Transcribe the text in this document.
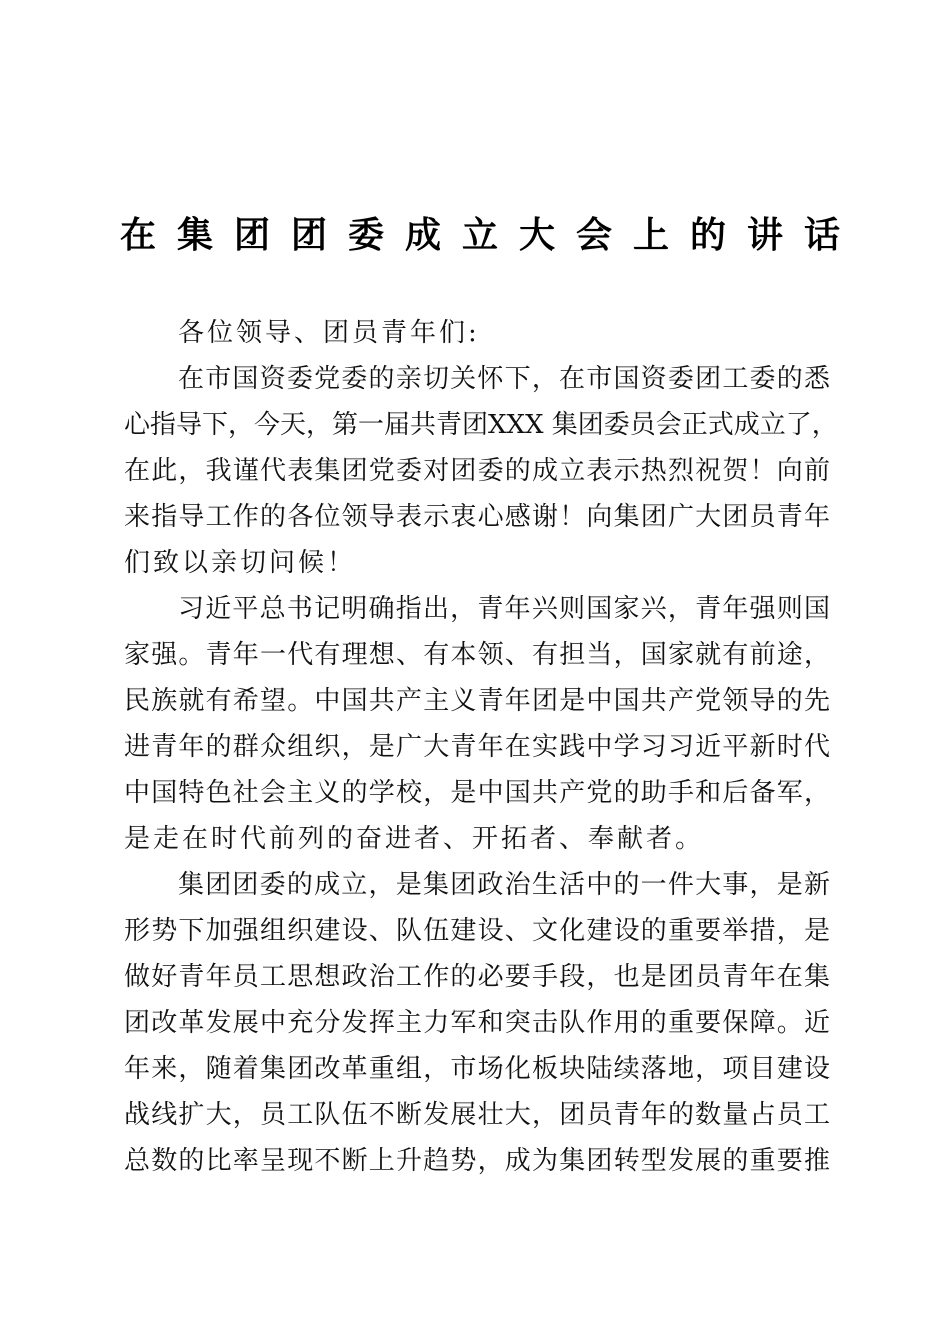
在集团团委成立大会上的讲话
各位领导、团员青年们:
在市国资委党委的亲切关怀下，在市国资委团工委的悉
心指导下，今天，第一届共青团XXX 集团委员会正式成立了，
在此，我谨代表集团党委对团委的成立表示热烈祝贺！向前
来指导工作的各位领导表示衷心感谢！向集团广大团员青年
们致以亲切问候！
习近平总书记明确指出，青年兴则国家兴，青年强则国
家强。青年一代有理想、有本领、有担当，国家就有前途，
民族就有希望。中国共产主义青年团是中国共产党领导的先
进青年的群众组织，是广大青年在实践中学习习近平新时代
中国特色社会主义的学校，是中国共产党的助手和后备军，
是走在时代前列的奋进者、开拓者、奉献者。
集团团委的成立，是集团政治生活中的一件大事，是新
形势下加强组织建设、队伍建设、文化建设的重要举措，是
做好青年员工思想政治工作的必要手段，也是团员青年在集
团改革发展中充分发挥主力军和突击队作用的重要保障。近
年来，随着集团改革重组，市场化板块陆续落地，项目建设
战线扩大，员工队伍不断发展壮大，团员青年的数量占员工
总数的比率呈现不断上升趋势，成为集团转型发展的重要推
